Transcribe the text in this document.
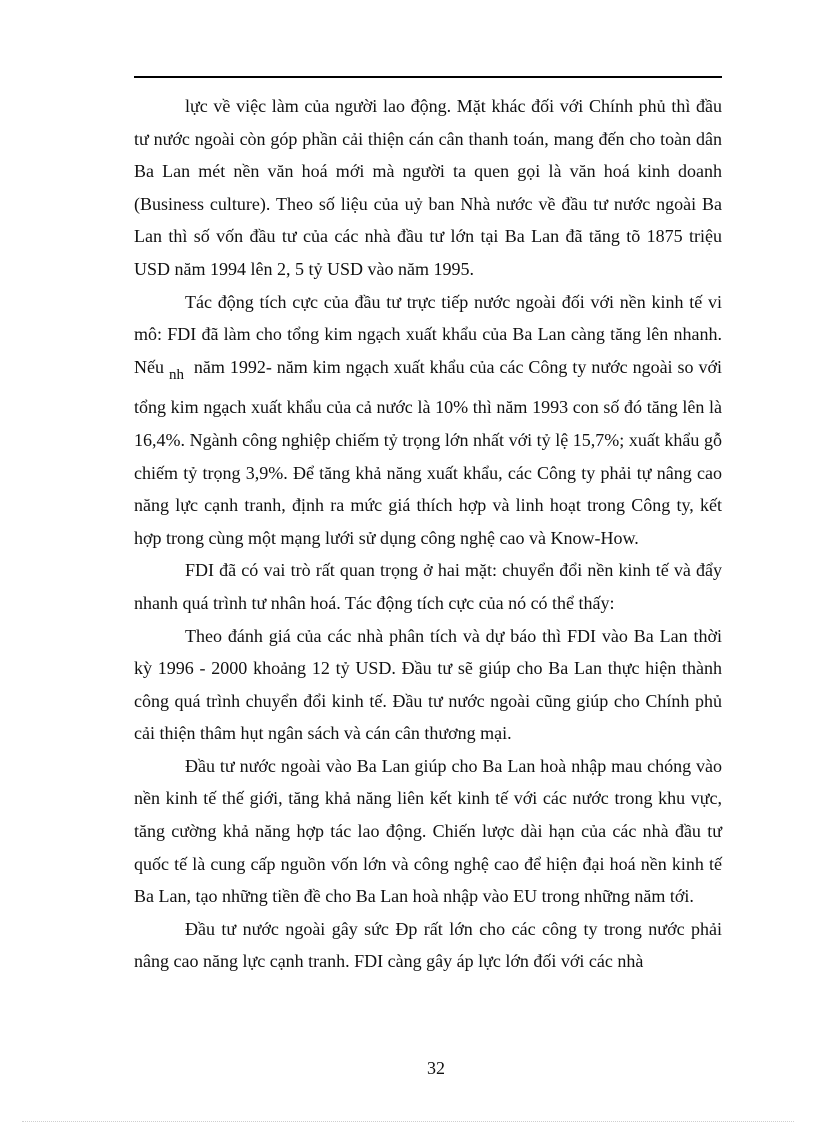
lực về việc làm của người lao động. Mặt khác đối với Chính phủ thì đầu tư nước ngoài còn góp phần cải thiện cán cân thanh toán, mang đến cho toàn dân Ba Lan mét nền văn hoá mới mà người ta quen gọi là văn hoá kinh doanh (Business culture). Theo số liệu của uỷ ban Nhà nước về đầu tư nước ngoài Ba Lan thì số vốn đầu tư của các nhà đầu tư lớn tại Ba Lan đã tăng tõ 1875 triệu USD năm 1994 lên 2, 5 tỷ USD vào năm 1995.

Tác động tích cực của đầu tư trực tiếp nước ngoài đối với nền kinh tế vi mô: FDI đã làm cho tổng kim ngạch xuất khẩu của Ba Lan càng tăng lên nhanh. Nếu $_{nh}$ năm 1992- năm kim ngạch xuất khẩu của các Công ty nước ngoài so với tổng kim ngạch xuất khẩu của cả nước là 10% thì năm 1993 con số đó tăng lên là 16,4%. Ngành công nghiệp chiếm tỷ trọng lớn nhất với tỷ lệ 15,7%; xuất khẩu gỗ chiếm tỷ trọng 3,9%. Để tăng khả năng xuất khẩu, các Công ty phải tự nâng cao năng lực cạnh tranh, định ra mức giá thích hợp và linh hoạt trong Công ty, kết hợp trong cùng một mạng lưới sử dụng công nghệ cao và Know-How.

FDI đã có vai trò rất quan trọng ở hai mặt: chuyển đổi nền kinh tế và đẩy nhanh quá trình tư nhân hoá. Tác động tích cực của nó có thể thấy:

Theo đánh giá của các nhà phân tích và dự báo thì FDI vào Ba Lan thời kỳ 1996 - 2000 khoảng 12 tỷ USD. Đầu tư sẽ giúp cho Ba Lan thực hiện thành công quá trình chuyển đổi kinh tế. Đầu tư nước ngoài cũng giúp cho Chính phủ cải thiện thâm hụt ngân sách và cán cân thương mại.

Đầu tư nước ngoài vào Ba Lan giúp cho Ba Lan hoà nhập mau chóng vào nền kinh tế thế giới, tăng khả năng liên kết kinh tế với các nước trong khu vực, tăng cường khả năng hợp tác lao động. Chiến lược dài hạn của các nhà đầu tư quốc tế là cung cấp nguồn vốn lớn và công nghệ cao để hiện đại hoá nền kinh tế Ba Lan, tạo những tiền đề cho Ba Lan hoà nhập vào EU trong những năm tới.

Đầu tư nước ngoài gây sức Ðp rất lớn cho các công ty trong nước phải nâng cao năng lực cạnh tranh. FDI càng gây áp lực lớn đối với các nhà

32
